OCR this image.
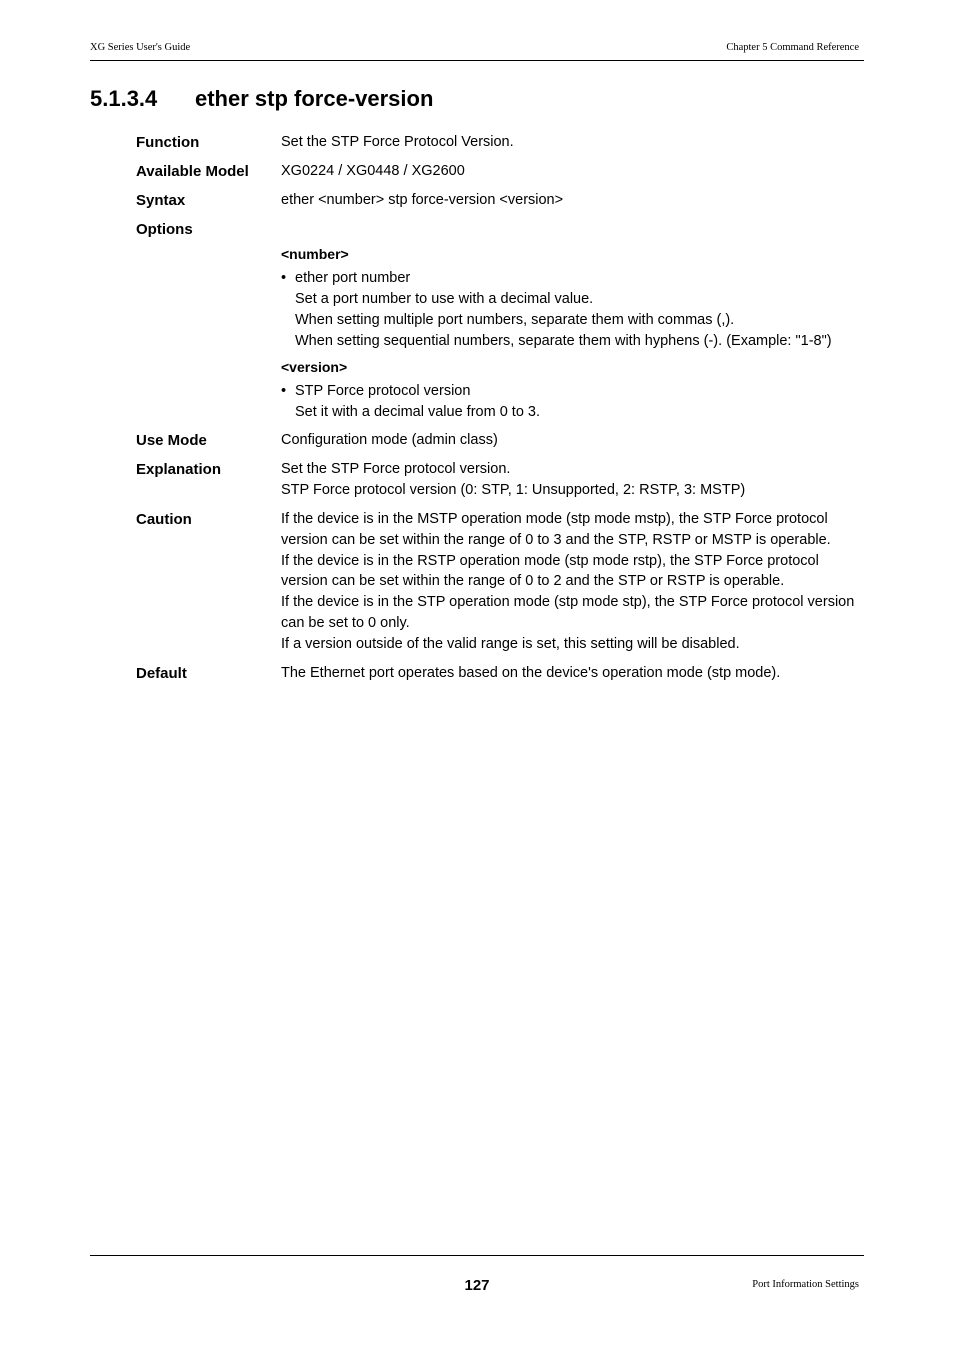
XG Series User's Guide	Chapter 5 Command Reference
5.1.3.4 ether stp force-version
Function	Set the STP Force Protocol Version.
Available Model XG0224 / XG0448 / XG2600
Syntax	ether <number> stp force-version <version>
Options
<number>
• ether port number
Set a port number to use with a decimal value.
When setting multiple port numbers, separate them with commas (,).
When setting sequential numbers, separate them with hyphens (-). (Example: "1-8")
<version>
• STP Force protocol version
Set it with a decimal value from 0 to 3.
Use Mode	Configuration mode (admin class)
Explanation	Set the STP Force protocol version.
STP Force protocol version (0: STP, 1: Unsupported, 2: RSTP, 3: MSTP)
Caution	If the device is in the MSTP operation mode (stp mode mstp), the STP Force protocol
version can be set within the range of 0 to 3 and the STP, RSTP or MSTP is operable.
If the device is in the RSTP operation mode (stp mode rstp), the STP Force protocol
version can be set within the range of 0 to 2 and the STP or RSTP is operable.
If the device is in the STP operation mode (stp mode stp), the STP Force protocol version
can be set to 0 only.
If a version outside of the valid range is set, this setting will be disabled.
Default	The Ethernet port operates based on the device's operation mode (stp mode).
127	Port Information Settings
